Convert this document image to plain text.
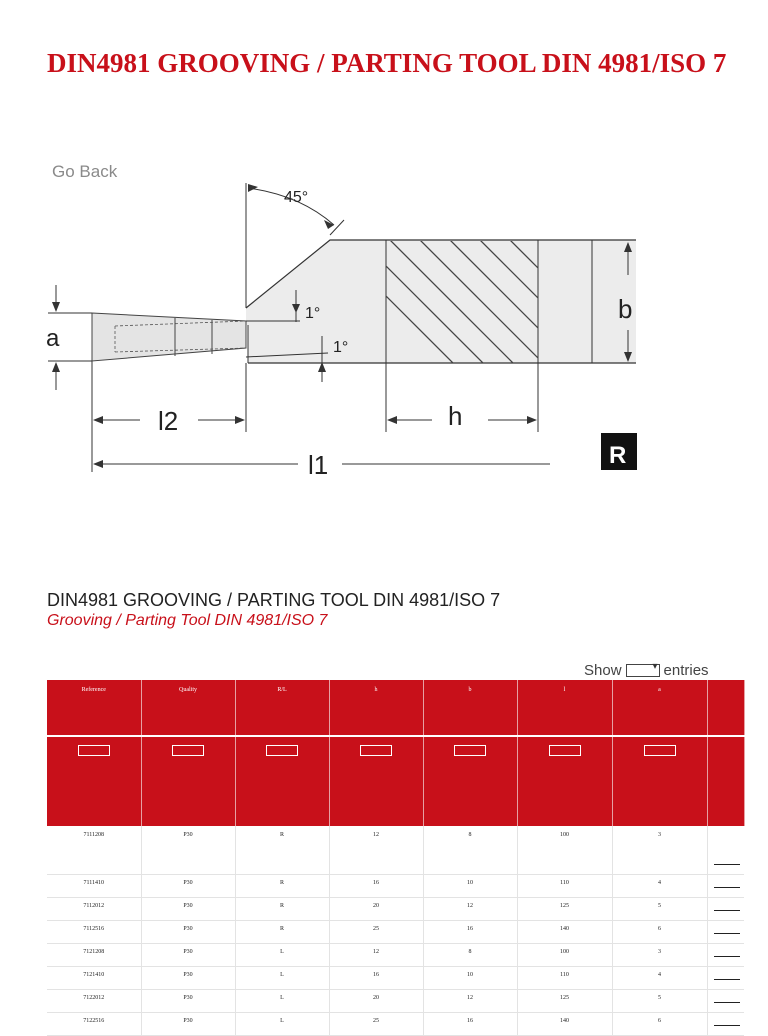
DIN4981 GROOVING / PARTING TOOL DIN 4981/ISO 7
Go Back
45°
a
1°
1°
b
l2	h
l1	R
DIN4981 GROOVING / PARTING TOOL DIN 4981/ISO 7
Grooving / Parting Tool DIN 4981/ISO 7
Show ▾	entries
Reference	Quality	R/L	h	b	l	a	

7111208	P30	R	12	8	100	3	

7111410	P30	R	16	10	110	4	

7112012	P30	R	20	12	125	5	

7112516	P30	R	25	16	140	6	

7121208	P30	L	12	8	100	3	

7121410	P30	L	16	10	110	4	

7122012	P30	L	20	12	125	5	

7122516	P30	L	25	16	140	6	
